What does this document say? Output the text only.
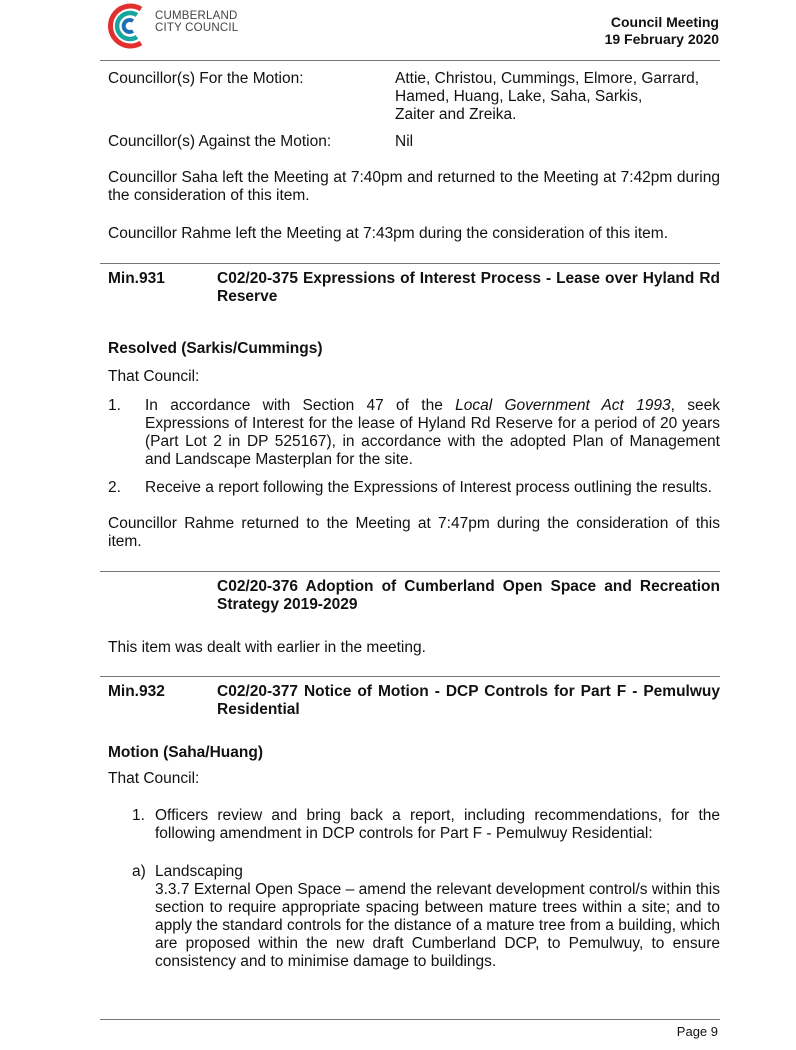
CUMBERLAND
CITY COUNCIL	Council Meeting
19 February 2020
Councillor(s) For the Motion:	Attie, Christou, Cummings, Elmore, Garrard,
Hamed, Huang, Lake, Saha, Sarkis,
Zaiter and Zreika.
Councillor(s) Against the Motion:	Nil
Councillor Saha left the Meeting at 7:40pm and returned to the Meeting at 7:42pm during the consideration of this item.
Councillor Rahme left the Meeting at 7:43pm during the consideration of this item.
Min.931	C02/20-375 Expressions of Interest Process - Lease over Hyland Rd Reserve
Resolved (Sarkis/Cummings)
That Council:
1. In accordance with Section 47 of the Local Government Act 1993, seek Expressions of Interest for the lease of Hyland Rd Reserve for a period of 20 years (Part Lot 2 in DP 525167), in accordance with the adopted Plan of Management and Landscape Masterplan for the site.
2. Receive a report following the Expressions of Interest process outlining the results.
Councillor Rahme returned to the Meeting at 7:47pm during the consideration of this item.
C02/20-376 Adoption of Cumberland Open Space and Recreation Strategy 2019-2029
This item was dealt with earlier in the meeting.
Min.932	C02/20-377 Notice of Motion - DCP Controls for Part F - Pemulwuy Residential
Motion (Saha/Huang)
That Council:
1. Officers review and bring back a report, including recommendations, for the following amendment in DCP controls for Part F - Pemulwuy Residential:
a) Landscaping
3.3.7 External Open Space – amend the relevant development control/s within this section to require appropriate spacing between mature trees within a site; and to apply the standard controls for the distance of a mature tree from a building, which are proposed within the new draft Cumberland DCP, to Pemulwuy, to ensure consistency and to minimise damage to buildings.
Page 9
